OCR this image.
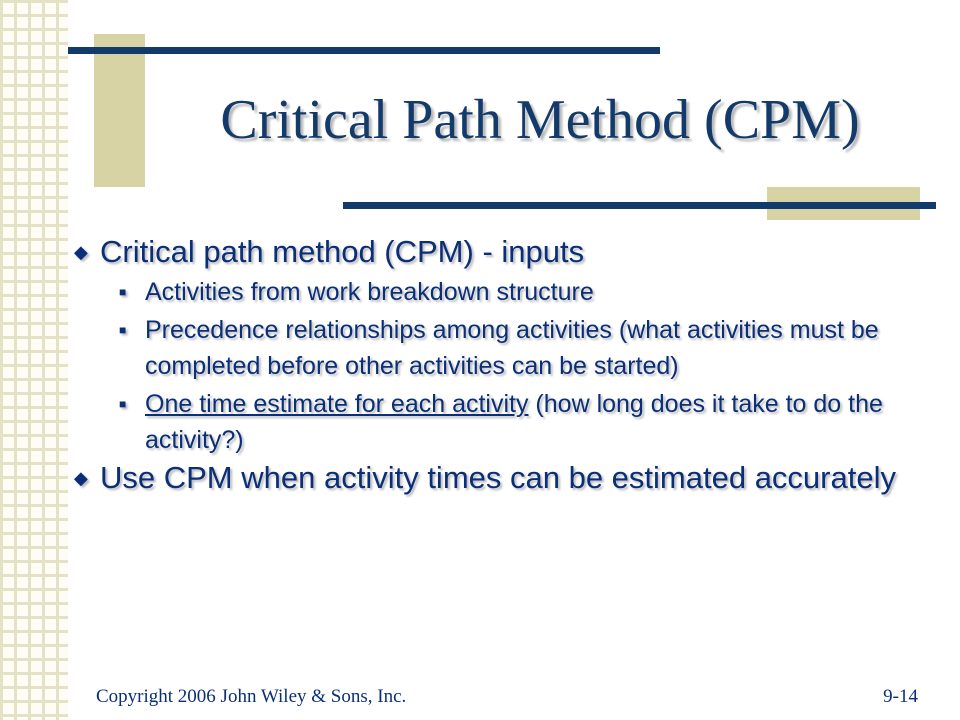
Critical Path Method (CPM)
◆ Critical path method (CPM) - inputs
■ Activities from work breakdown structure
■ Precedence relationships among activities (what activities must be completed before other activities can be started)
■ One time estimate for each activity (how long does it take to do the activity?)
◆ Use CPM when activity times can be estimated accurately
Copyright 2006 John Wiley & Sons, Inc.	9-14
